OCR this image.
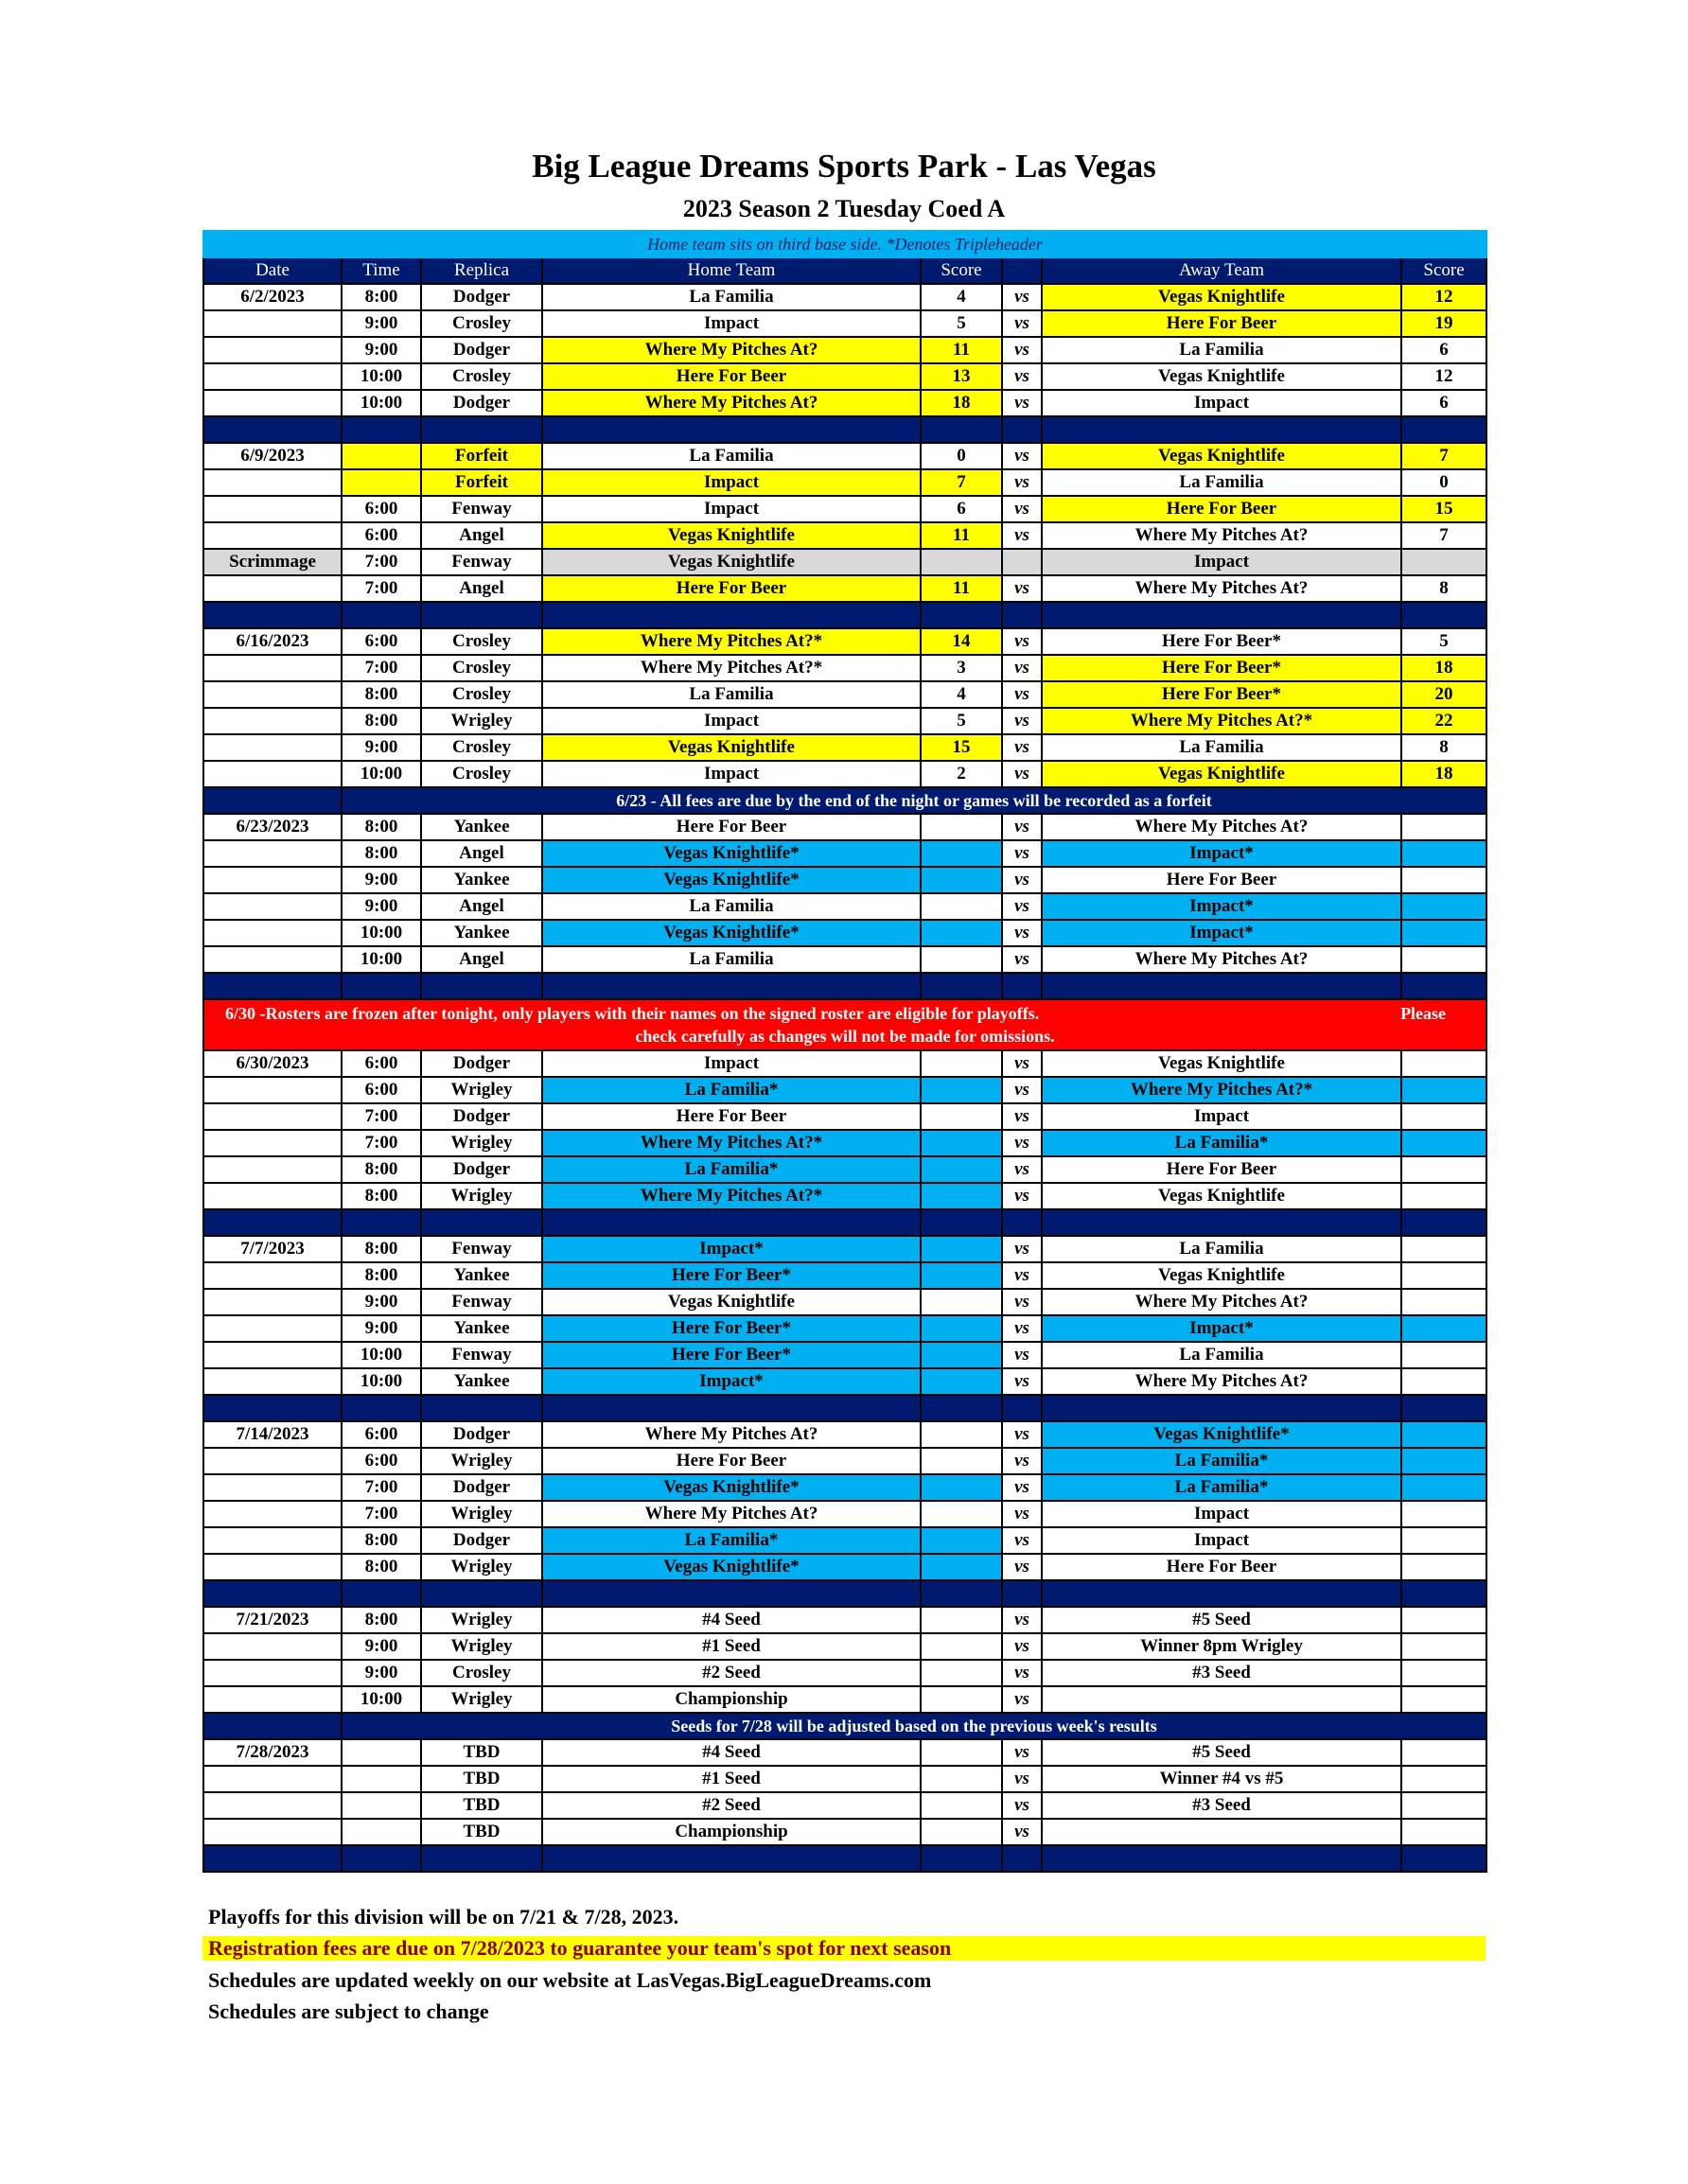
Big League Dreams Sports Park - Las Vegas
2023 Season 2 Tuesday Coed A
Home team sits on third base side. *Denotes Tripleheader							
Date	Time	Replica	Home Team	Score		Away Team	Score
6/2/2023	8:00	Dodger	La Familia	4	vs	Vegas Knightlife	12
	9:00	Crosley	Impact	5	vs	Here For Beer	19
	9:00	Dodger	Where My Pitches At?	11	vs	La Familia	6
	10:00	Crosley	Here For Beer	13	vs	Vegas Knightlife	12
	10:00	Dodger	Where My Pitches At?	18	vs	Impact	6

6/9/2023		Forfeit	La Familia	0	vs	Vegas Knightlife	7
		Forfeit	Impact	7	vs	La Familia	0
	6:00	Fenway	Impact	6	vs	Here For Beer	15
	6:00	Angel	Vegas Knightlife	11	vs	Where My Pitches At?	7
Scrimmage	7:00	Fenway	Vegas Knightlife			Impact	
	7:00	Angel	Here For Beer	11	vs	Where My Pitches At?	8

6/16/2023	6:00	Crosley	Where My Pitches At?*	14	vs	Here For Beer*	5
	7:00	Crosley	Where My Pitches At?*	3	vs	Here For Beer*	18
	8:00	Crosley	La Familia	4	vs	Here For Beer*	20
	8:00	Wrigley	Impact	5	vs	Where My Pitches At?*	22
	9:00	Crosley	Vegas Knightlife	15	vs	La Familia	8
	10:00	Crosley	Impact	2	vs	Vegas Knightlife	18
	6/23 - All fees are due by the end of the night or games will be recorded as a forfeit						
6/23/2023	8:00	Yankee	Here For Beer		vs	Where My Pitches At?	
	8:00	Angel	Vegas Knightlife*		vs	Impact*	
	9:00	Yankee	Vegas Knightlife*		vs	Here For Beer	
	9:00	Angel	La Familia		vs	Impact*	
	10:00	Yankee	Vegas Knightlife*		vs	Impact*	
	10:00	Angel	La Familia		vs	Where My Pitches At?	

6/30 -Rosters are frozen after tonight, only players with their names on the signed roster are eligible for playoffs. Please
check carefully as changes will not be made for omissions.							

6/30/2023	6:00	Dodger	Impact		vs	Vegas Knightlife	
	6:00	Wrigley	La Familia*		vs	Where My Pitches At?*	
	7:00	Dodger	Here For Beer		vs	Impact	
	7:00	Wrigley	Where My Pitches At?*		vs	La Familia*	
	8:00	Dodger	La Familia*		vs	Here For Beer	
	8:00	Wrigley	Where My Pitches At?*		vs	Vegas Knightlife	

7/7/2023	8:00	Fenway	Impact*		vs	La Familia	
	8:00	Yankee	Here For Beer*		vs	Vegas Knightlife	
	9:00	Fenway	Vegas Knightlife		vs	Where My Pitches At?	
	9:00	Yankee	Here For Beer*		vs	Impact*	
	10:00	Fenway	Here For Beer*		vs	La Familia	
	10:00	Yankee	Impact*		vs	Where My Pitches At?	

7/14/2023	6:00	Dodger	Where My Pitches At?		vs	Vegas Knightlife*	
	6:00	Wrigley	Here For Beer		vs	La Familia*	
	7:00	Dodger	Vegas Knightlife*		vs	La Familia*	
	7:00	Wrigley	Where My Pitches At?		vs	Impact	
	8:00	Dodger	La Familia*		vs	Impact	
	8:00	Wrigley	Vegas Knightlife*		vs	Here For Beer	

7/21/2023	8:00	Wrigley	#4 Seed		vs	#5 Seed	
	9:00	Wrigley	#1 Seed		vs	Winner 8pm Wrigley	
	9:00	Crosley	#2 Seed		vs	#3 Seed	
	10:00	Wrigley	Championship		vs		
	Seeds for 7/28 will be adjusted based on the previous week's results						
7/28/2023		TBD	#4 Seed		vs	#5 Seed	
		TBD	#1 Seed		vs	Winner #4 vs #5	
		TBD	#2 Seed		vs	#3 Seed	
		TBD	Championship		vs		

Playoffs for this division will be on 7/21 & 7/28, 2023.
Registration fees are due on 7/28/2023 to guarantee your team's spot for next season
Schedules are updated weekly on our website at LasVegas.BigLeagueDreams.com
Schedules are subject to change
